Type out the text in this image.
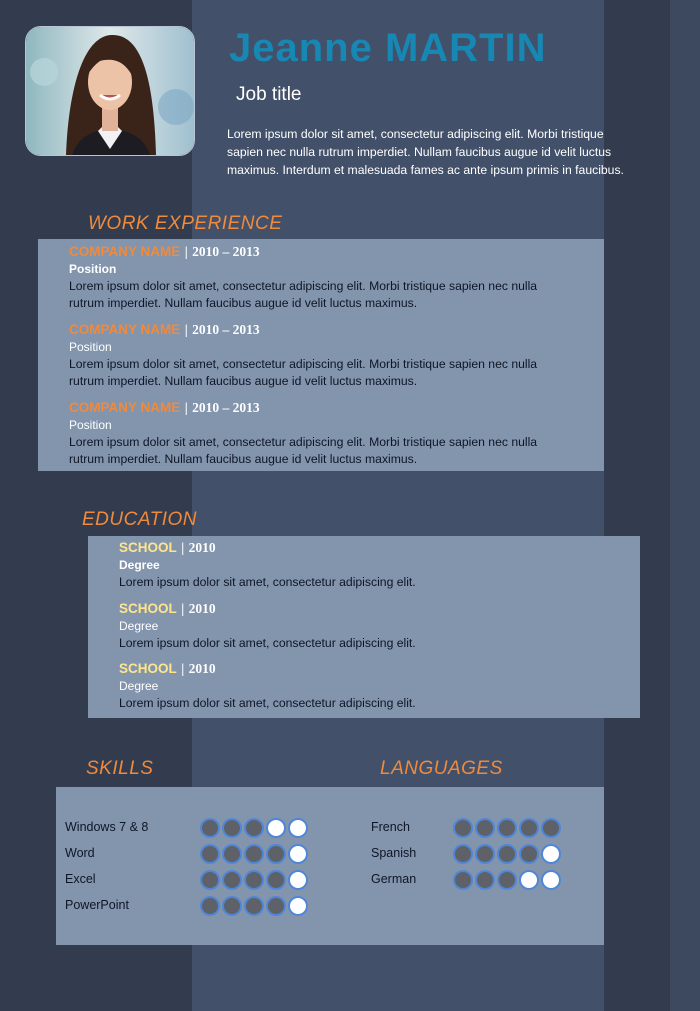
Jeanne MARTIN
Job title

Lorem ipsum dolor sit amet, consectetur adipiscing elit. Morbi tristique sapien nec nulla rutrum imperdiet. Nullam faucibus augue id velit luctus maximus. Interdum et malesuada fames ac ante ipsum primis in faucibus.

WORK EXPERIENCE
COMPANY NAME | 2010 – 2013
Position
Lorem ipsum dolor sit amet, consectetur adipiscing elit. Morbi tristique sapien nec nulla rutrum imperdiet. Nullam faucibus augue id velit luctus maximus.
COMPANY NAME | 2010 – 2013
Position
Lorem ipsum dolor sit amet, consectetur adipiscing elit. Morbi tristique sapien nec nulla rutrum imperdiet. Nullam faucibus augue id velit luctus maximus.
COMPANY NAME | 2010 – 2013
Position
Lorem ipsum dolor sit amet, consectetur adipiscing elit. Morbi tristique sapien nec nulla rutrum imperdiet. Nullam faucibus augue id velit luctus maximus.
EDUCATION
SCHOOL | 2010
Degree
Lorem ipsum dolor sit amet, consectetur adipiscing elit.
SCHOOL | 2010
Degree
Lorem ipsum dolor sit amet, consectetur adipiscing elit.
SCHOOL | 2010
Degree
Lorem ipsum dolor sit amet, consectetur adipiscing elit.
SKILLS	LANGUAGES
Windows 7 & 8
Word
Excel
PowerPoint
French
Spanish
German
